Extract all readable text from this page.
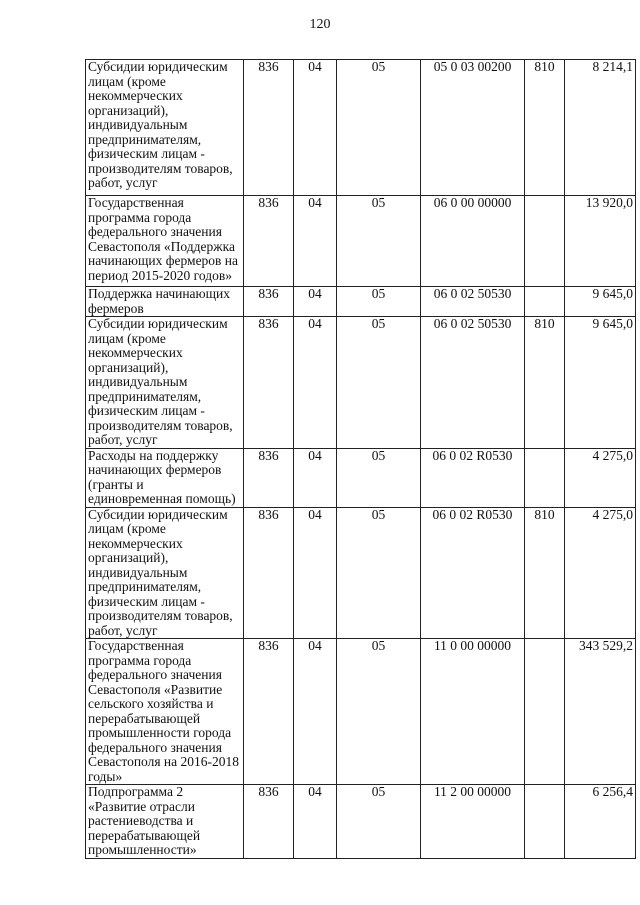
120
Субсидии юридическим лицам (кроме некоммерческих организаций), индивидуальным предпринимателям, физическим лицам - производителям товаров, работ, услуг	836	04	05	05 0 03 00200	810	8 214,1
Государственная программа города федерального значения Севастополя «Поддержка начинающих фермеров на период 2015-2020 годов»	836	04	05	06 0 00 00000		13 920,0
Поддержка начинающих фермеров	836	04	05	06 0 02 50530		9 645,0
Субсидии юридическим лицам (кроме некоммерческих организаций), индивидуальным предпринимателям, физическим лицам - производителям товаров, работ, услуг	836	04	05	06 0 02 50530	810	9 645,0
Расходы на поддержку начинающих фермеров (гранты и единовременная помощь)	836	04	05	06 0 02 R0530		4 275,0
Субсидии юридическим лицам (кроме некоммерческих организаций), индивидуальным предпринимателям, физическим лицам - производителям товаров, работ, услуг	836	04	05	06 0 02 R0530	810	4 275,0
Государственная программа города федерального значения Севастополя «Развитие сельского хозяйства и перерабатывающей промышленности города федерального значения Севастополя на 2016-2018 годы»	836	04	05	11 0 00 00000		343 529,2
Подпрограмма 2 «Развитие отрасли растениеводства и перерабатывающей промышленности»	836	04	05	11 2 00 00000		6 256,4
